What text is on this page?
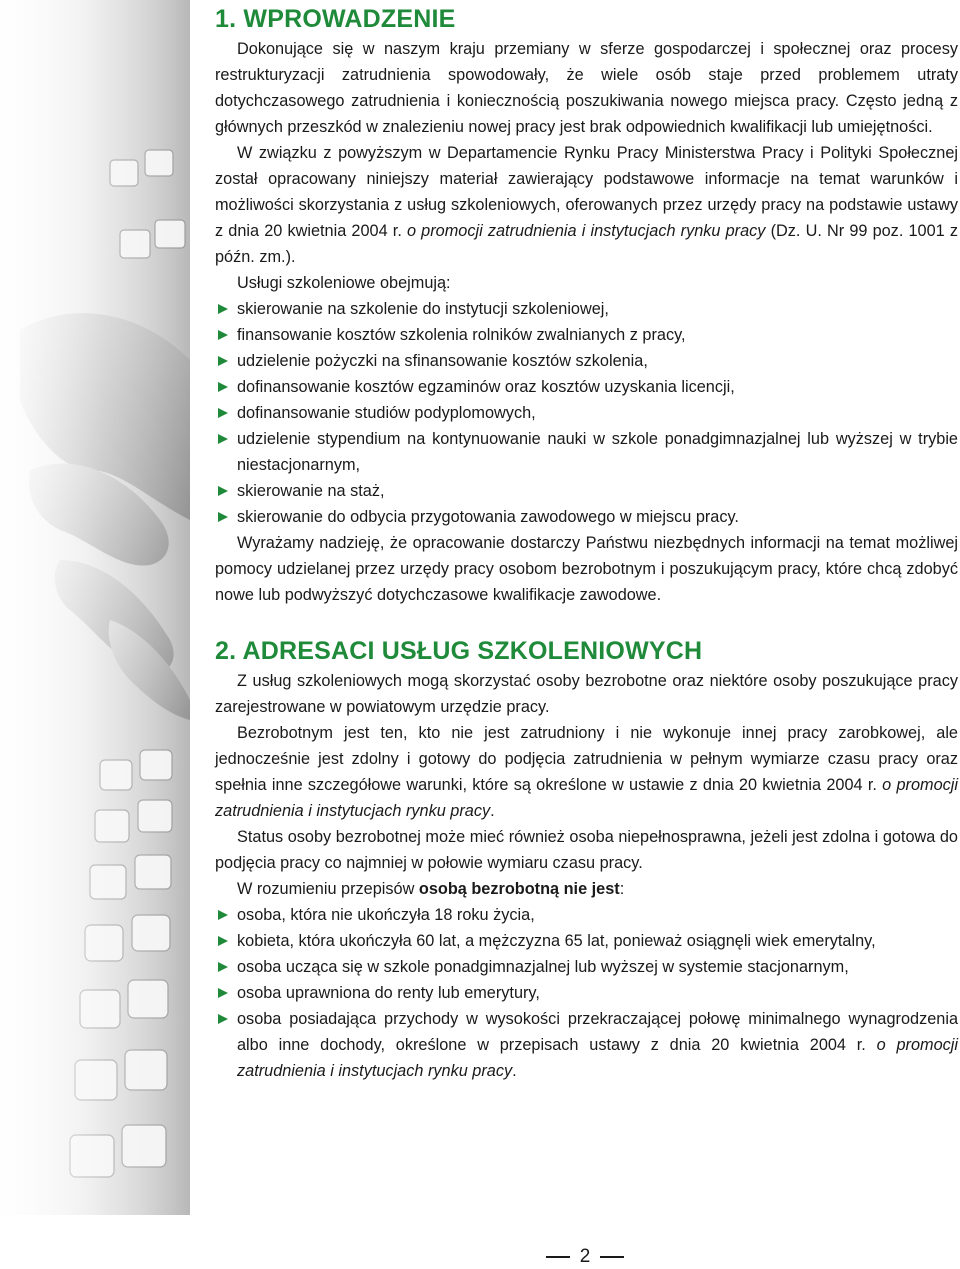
1. WPROWADZENIE

Dokonujące się w naszym kraju przemiany w sferze gospodarczej i społecznej oraz procesy restrukturyzacji zatrudnienia spowodowały, że wiele osób staje przed problemem utraty dotychczasowego zatrudnienia i koniecznością poszukiwania nowego miejsca pracy. Często jedną z głównych przeszkód w znalezieniu nowej pracy jest brak odpowiednich kwalifikacji lub umiejętności.

W związku z powyższym w Departamencie Rynku Pracy Ministerstwa Pracy i Polityki Społecznej został opracowany niniejszy materiał zawierający podstawowe informacje na temat warunków i możliwości skorzystania z usług szkoleniowych, oferowanych przez urzędy pracy na podstawie ustawy z dnia 20 kwietnia 2004 r. o promocji zatrudnienia i instytucjach rynku pracy (Dz. U. Nr 99 poz. 1001 z późn. zm.).

Usługi szkoleniowe obejmują:

skierowanie na szkolenie do instytucji szkoleniowej,
finansowanie kosztów szkolenia rolników zwalnianych z pracy,
udzielenie pożyczki na sfinansowanie kosztów szkolenia,
dofinansowanie kosztów egzaminów oraz kosztów uzyskania licencji,
dofinansowanie studiów podyplomowych,
udzielenie stypendium na kontynuowanie nauki w szkole ponadgimnazjalnej lub wyższej w trybie niestacjonarnym,
skierowanie na staż,
skierowanie do odbycia przygotowania zawodowego w miejscu pracy.

Wyrażamy nadzieję, że opracowanie dostarczy Państwu niezbędnych informacji na temat możliwej pomocy udzielanej przez urzędy pracy osobom bezrobotnym i poszukującym pracy, które chcą zdobyć nowe lub podwyższyć dotychczasowe kwalifikacje zawodowe.

2. ADRESACI USŁUG SZKOLENIOWYCH

Z usług szkoleniowych mogą skorzystać osoby bezrobotne oraz niektóre osoby poszukujące pracy zarejestrowane w powiatowym urzędzie pracy.

Bezrobotnym jest ten, kto nie jest zatrudniony i nie wykonuje innej pracy zarobkowej, ale jednocześnie jest zdolny i gotowy do podjęcia zatrudnienia w pełnym wymiarze czasu pracy oraz spełnia inne szczegółowe warunki, które są określone w ustawie z dnia 20 kwietnia 2004 r. o promocji zatrudnienia i instytucjach rynku pracy.

Status osoby bezrobotnej może mieć również osoba niepełnosprawna, jeżeli jest zdolna i gotowa do podjęcia pracy co najmniej w połowie wymiaru czasu pracy.

W rozumieniu przepisów osobą bezrobotną nie jest:

osoba, która nie ukończyła 18 roku życia,
kobieta, która ukończyła 60 lat, a mężczyzna 65 lat, ponieważ osiągnęli wiek emerytalny,
osoba ucząca się w szkole ponadgimnazjalnej lub wyższej w systemie stacjonarnym,
osoba uprawniona do renty lub emerytury,
osoba posiadająca przychody w wysokości przekraczającej połowę minimalnego wynagrodzenia albo inne dochody, określone w przepisach ustawy z dnia 20 kwietnia 2004 r. o promocji zatrudnienia i instytucjach rynku pracy.
2
